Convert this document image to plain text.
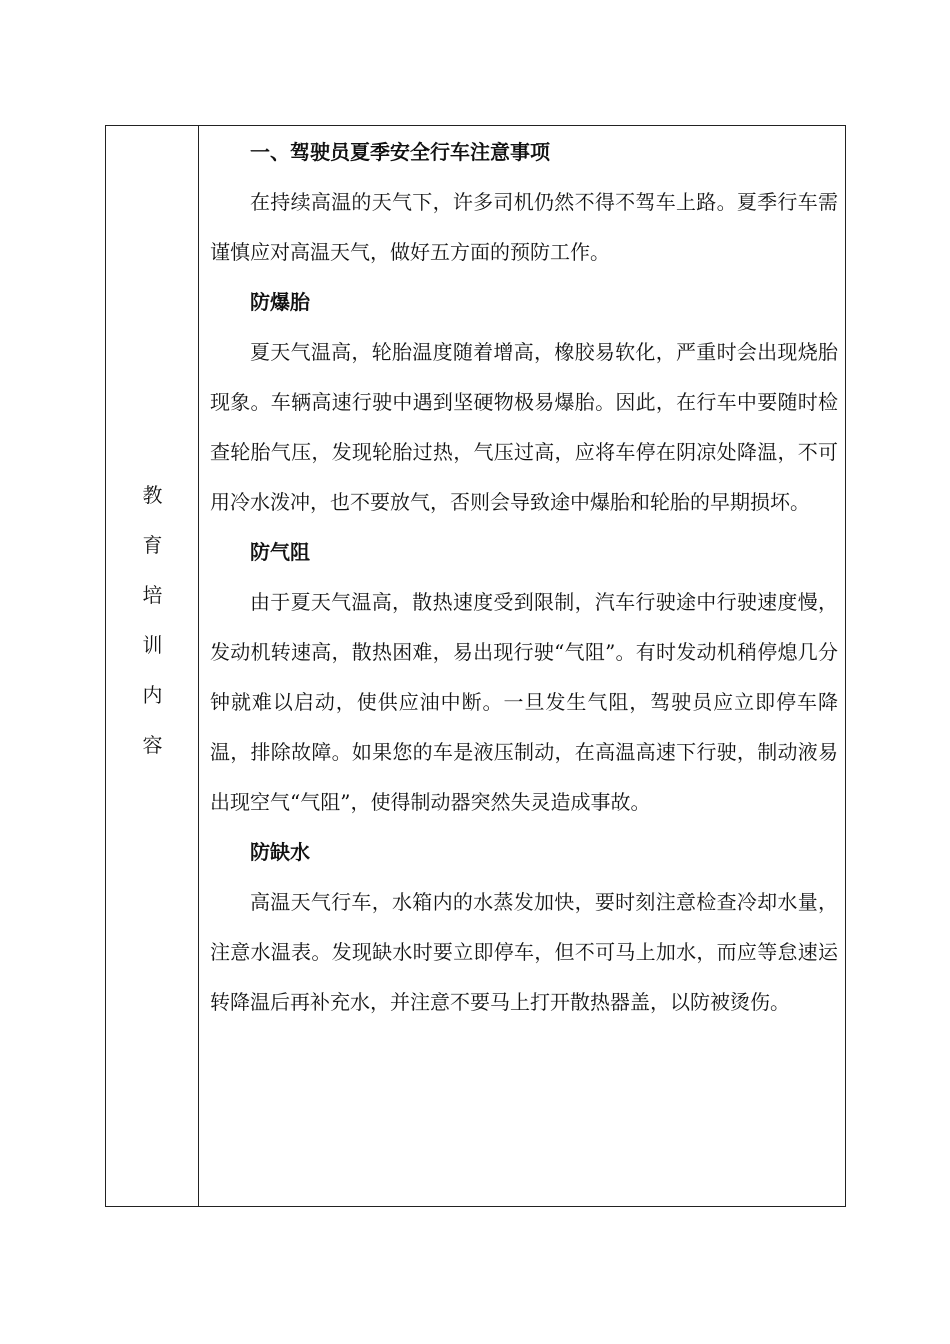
教
育
培
训
内
容

一、驾驶员夏季安全行车注意事项

在持续高温的天气下，许多司机仍然不得不驾车上路。夏季行车需谨慎应对高温天气，做好五方面的预防工作。

防爆胎

夏天气温高，轮胎温度随着增高，橡胶易软化，严重时会出现烧胎现象。车辆高速行驶中遇到坚硬物极易爆胎。因此，在行车中要随时检查轮胎气压，发现轮胎过热，气压过高，应将车停在阴凉处降温，不可用冷水泼冲，也不要放气，否则会导致途中爆胎和轮胎的早期损坏。

防气阻

由于夏天气温高，散热速度受到限制，汽车行驶途中行驶速度慢，发动机转速高，散热困难，易出现行驶“气阻”。有时发动机稍停熄几分钟就难以启动，使供应油中断。一旦发生气阻，驾驶员应立即停车降温，排除故障。如果您的车是液压制动，在高温高速下行驶，制动液易出现空气“气阻”，使得制动器突然失灵造成事故。

防缺水

高温天气行车，水箱内的水蒸发加快，要时刻注意检查冷却水量，注意水温表。发现缺水时要立即停车，但不可马上加水，而应等怠速运转降温后再补充水，并注意不要马上打开散热器盖，以防被烫伤。
